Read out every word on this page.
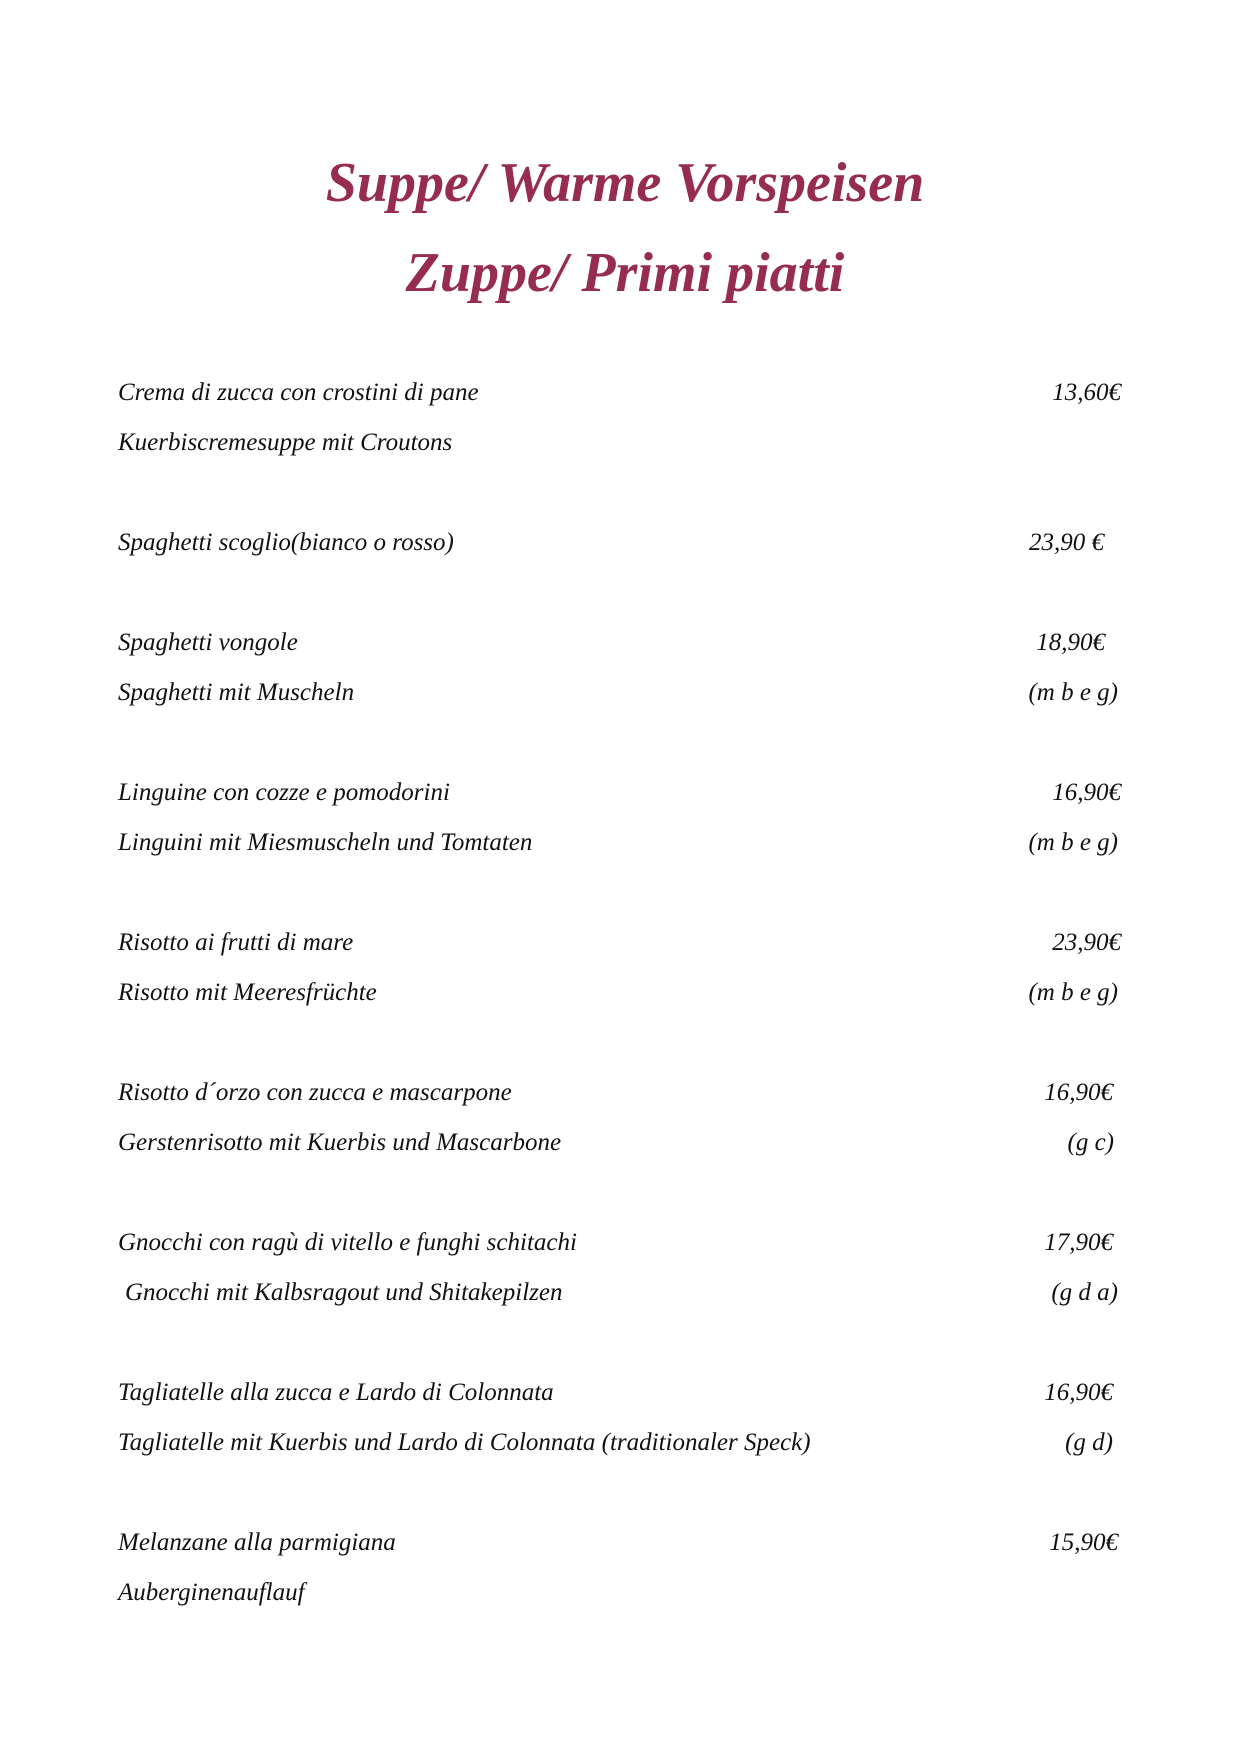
Suppe/ Warme Vorspeisen
Zuppe/ Primi piatti
Crema di zucca con crostini di pane	13,60€
Kuerbiscremesuppe mit Croutons
Spaghetti scoglio(bianco o rosso)	23,90 €
Spaghetti vongole	18,90€
Spaghetti mit Muscheln	(m b e g)
Linguine con cozze e pomodorini	16,90€
Linguini mit Miesmuscheln und Tomtaten	(m b e g)
Risotto ai frutti di mare	23,90€
Risotto mit Meeresfrüchte	(m b e g)
Risotto d´orzo con zucca e mascarpone	16,90€
Gerstenrisotto mit Kuerbis und Mascarbone	(g c)
Gnocchi con ragù di vitello e funghi schitachi	17,90€
Gnocchi mit Kalbsragout und Shitakepilzen	(g d a)
Tagliatelle alla zucca e Lardo di Colonnata	16,90€
Tagliatelle mit Kuerbis und Lardo di Colonnata (traditionaler Speck)	(g d)
Melanzane alla parmigiana	15,90€
Auberginenauflauf
